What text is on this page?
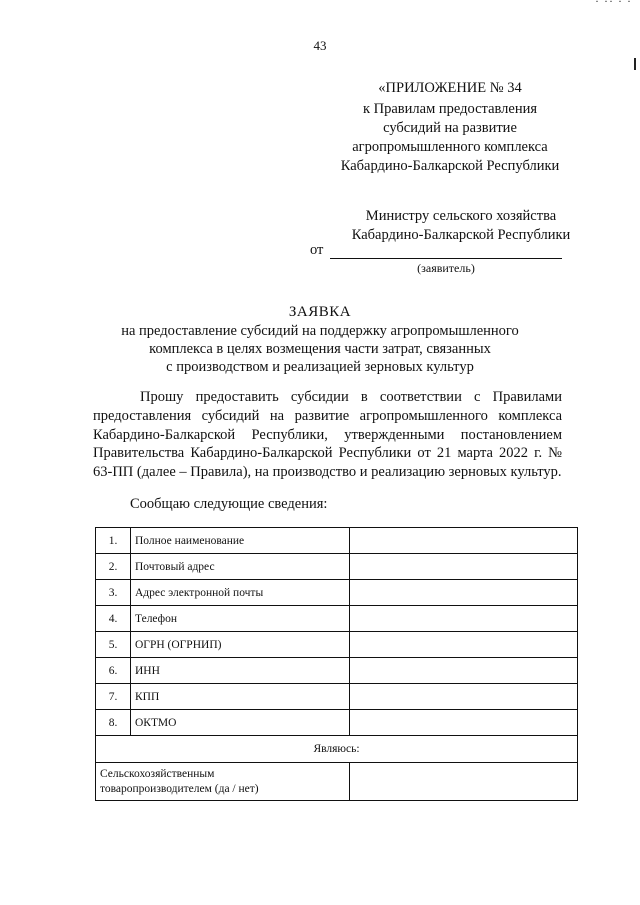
· ·· · ·
43
«ПРИЛОЖЕНИЕ № 34
к Правилам предоставления
субсидий на развитие
агропромышленного комплекса
Кабардино-Балкарской Республики
Министру сельского хозяйства
Кабардино-Балкарской Республики
от
(заявитель)
ЗАЯВКА
на предоставление субсидий на поддержку агропромышленного
комплекса в целях возмещения части затрат, связанных
с производством и реализацией зерновых культур

Прошу предоставить субсидии в соответствии с Правилами предоставления субсидий на развитие агропромышленного комплекса Кабардино-Балкарской Республики, утвержденными постановлением Правительства Кабардино-Балкарской Республики от 21 марта 2022 г. № 63-ПП (далее – Правила), на производство и реализацию зерновых культур.

Сообщаю следующие сведения:
1.	Полное наименование	
2.	Почтовый адрес	
3.	Адрес электронной почты	
4.	Телефон	
5.	ОГРН (ОГРНИП)	
6.	ИНН	
7.	КПП	
8.	ОКТМО	
Являюсь:		

Сельскохозяйственным
товаропроизводителем (да / нет)		
